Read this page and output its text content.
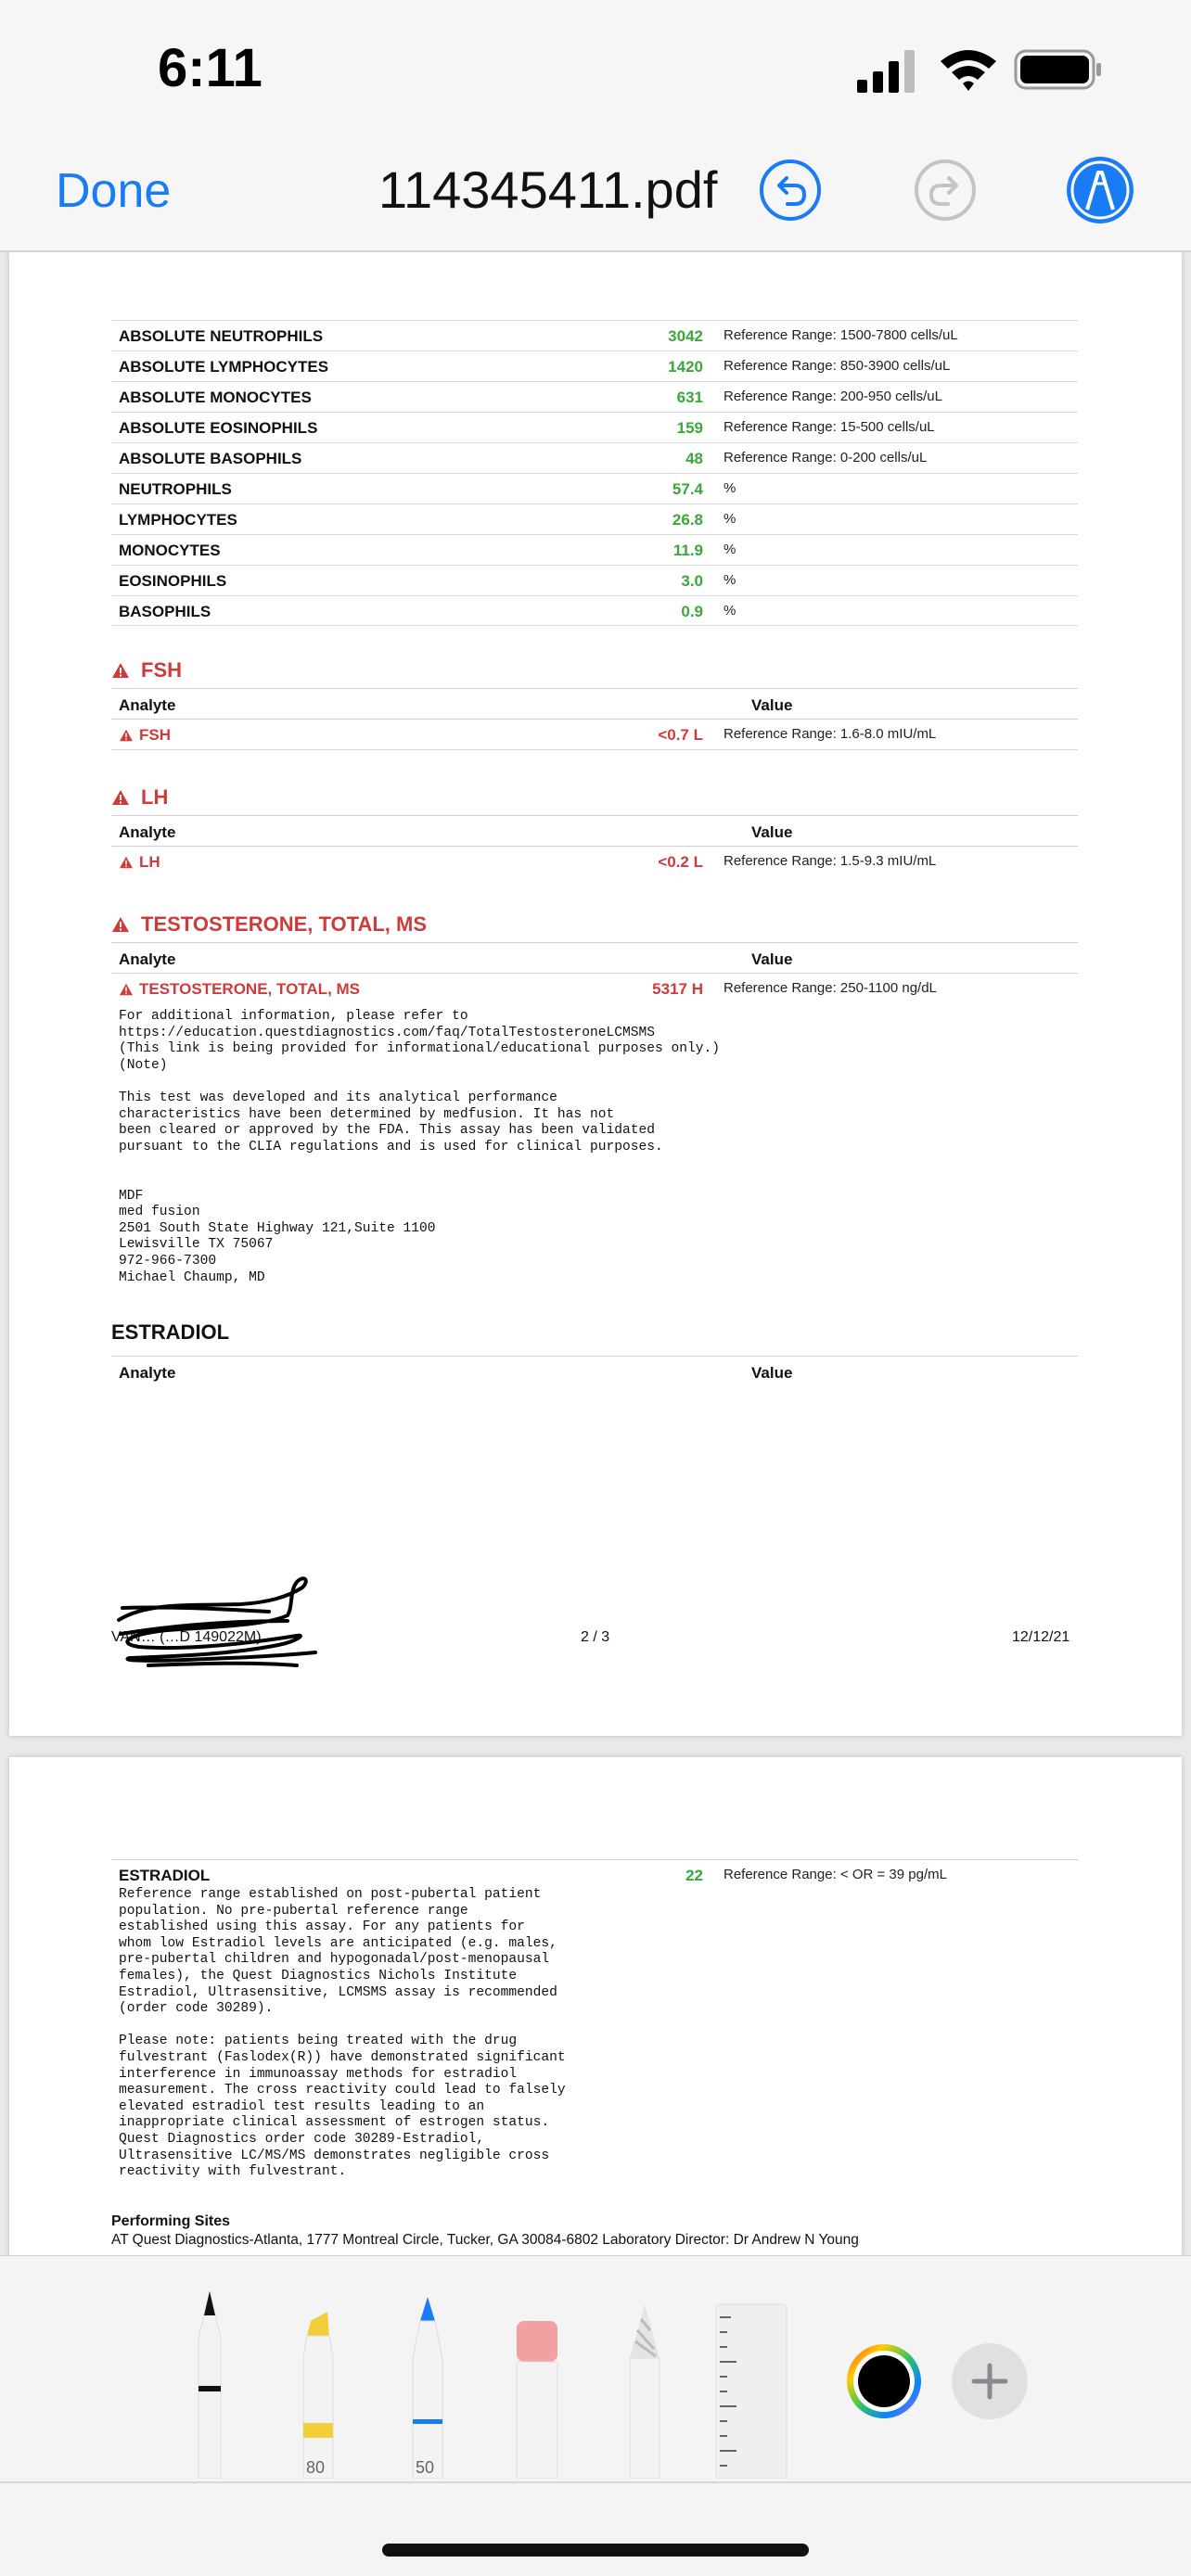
6:11
Done	114345411.pdf
ABSOLUTE NEUTROPHILS	3042 Reference Range: 1500-7800 cells/uL
ABSOLUTE LYMPHOCYTES	1420 Reference Range: 850-3900 cells/uL
ABSOLUTE MONOCYTES	631 Reference Range: 200-950 cells/uL
ABSOLUTE EOSINOPHILS	159 Reference Range: 15-500 cells/uL
ABSOLUTE BASOPHILS	48 Reference Range: 0-200 cells/uL
NEUTROPHILS	57.4 %
LYMPHOCYTES	26.8 %
MONOCYTES	11.9 %
EOSINOPHILS	3.0 %
BASOPHILS	0.9 %
FSH
Analyte	Value
FSH	<0.7 L Reference Range: 1.6-8.0 mIU/mL
LH
Analyte	Value
LH	<0.2 L Reference Range: 1.5-9.3 mIU/mL
TESTOSTERONE, TOTAL, MS
Analyte	Value
TESTOSTERONE, TOTAL, MS	5317 H Reference Range: 250-1100 ng/dL
For additional information, please refer to
https://education.questdiagnostics.com/faq/TotalTestosteroneLCMSMS
(This link is being provided for informational/educational purposes only.)
(Note)

This test was developed and its analytical performance
characteristics have been determined by medfusion. It has not
been cleared or approved by the FDA. This assay has been validated
pursuant to the CLIA regulations and is used for clinical purposes.

MDF
med fusion
2501 South State Highway 121,Suite 1100
Lewisville TX 75067
972-966-7300
Michael Chaump, MD
ESTRADIOL
Analyte	Value
VAN… (…D 149022M)	2 / 3	12/12/21
ESTRADIOL	22 Reference Range: < OR = 39 pg/mL
Reference range established on post-pubertal patient
population. No pre-pubertal reference range
established using this assay. For any patients for
whom low Estradiol levels are anticipated (e.g. males,
pre-pubertal children and hypogonadal/post-menopausal
females), the Quest Diagnostics Nichols Institute
Estradiol, Ultrasensitive, LCMSMS assay is recommended
(order code 30289).

Please note: patients being treated with the drug
fulvestrant (Faslodex(R)) have demonstrated significant
interference in immunoassay methods for estradiol
measurement. The cross reactivity could lead to falsely
elevated estradiol test results leading to an
inappropriate clinical assessment of estrogen status.
Quest Diagnostics order code 30289-Estradiol,
Ultrasensitive LC/MS/MS demonstrates negligible cross
reactivity with fulvestrant.
Performing Sites
AT Quest Diagnostics-Atlanta, 1777 Montreal Circle, Tucker, GA 30084-6802 Laboratory Director: Dr Andrew N Young
80	50
